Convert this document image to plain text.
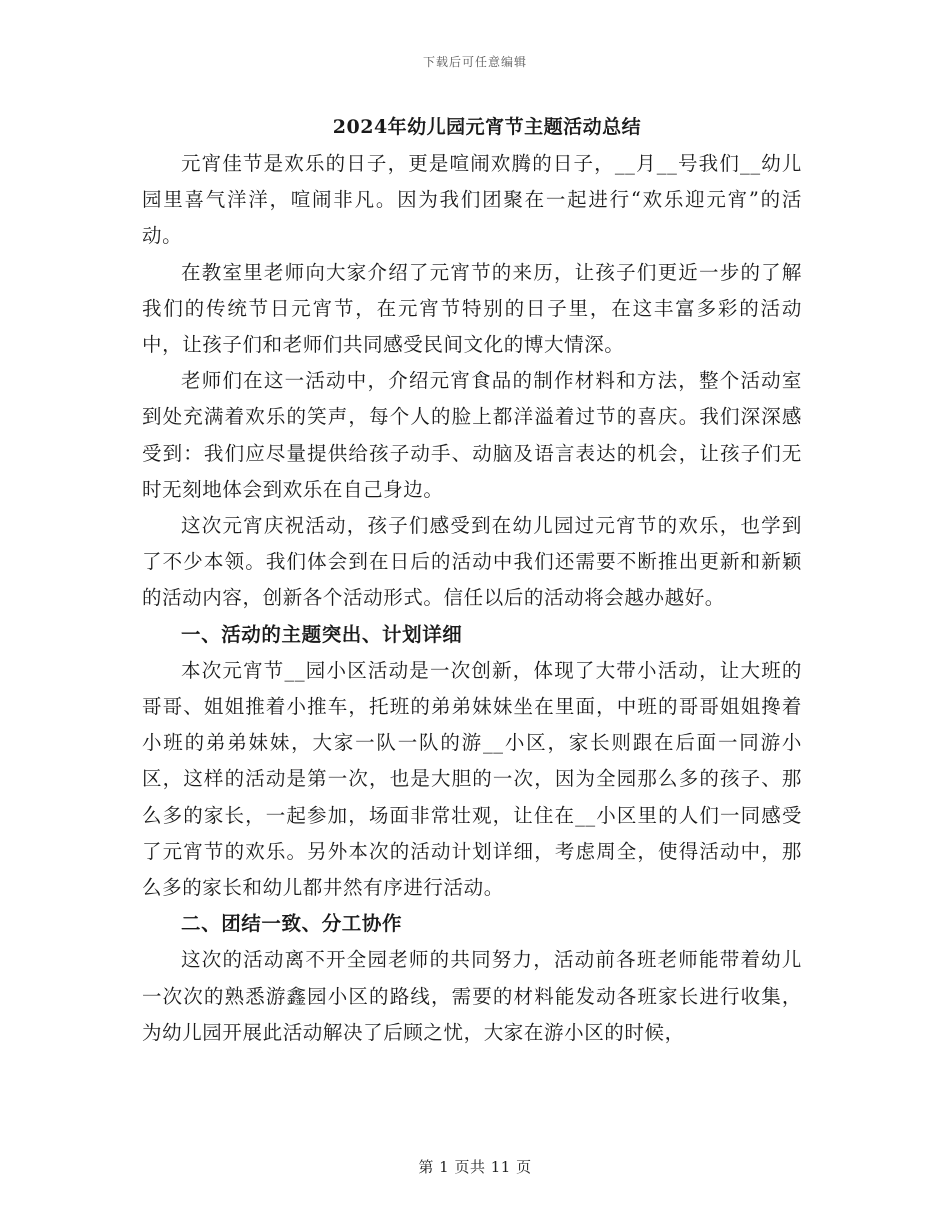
下载后可任意编辑
2024年幼儿园元宵节主题活动总结

元宵佳节是欢乐的日子，更是喧闹欢腾的日子，__月__号我们__幼儿园里喜气洋洋，喧闹非凡。因为我们团聚在一起进行“欢乐迎元宵”的活动。

在教室里老师向大家介绍了元宵节的来历，让孩子们更近一步的了解我们的传统节日元宵节，在元宵节特别的日子里，在这丰富多彩的活动中，让孩子们和老师们共同感受民间文化的博大情深。

老师们在这一活动中，介绍元宵食品的制作材料和方法，整个活动室到处充满着欢乐的笑声，每个人的脸上都洋溢着过节的喜庆。我们深深感受到：我们应尽量提供给孩子动手、动脑及语言表达的机会，让孩子们无时无刻地体会到欢乐在自己身边。

这次元宵庆祝活动，孩子们感受到在幼儿园过元宵节的欢乐，也学到了不少本领。我们体会到在日后的活动中我们还需要不断推出更新和新颖的活动内容，创新各个活动形式。信任以后的活动将会越办越好。

一、活动的主题突出、计划详细

本次元宵节__园小区活动是一次创新，体现了大带小活动，让大班的哥哥、姐姐推着小推车，托班的弟弟妹妹坐在里面，中班的哥哥姐姐搀着小班的弟弟妹妹，大家一队一队的游__小区，家长则跟在后面一同游小区，这样的活动是第一次，也是大胆的一次，因为全园那么多的孩子、那么多的家长，一起参加，场面非常壮观，让住在__小区里的人们一同感受了元宵节的欢乐。另外本次的活动计划详细，考虑周全，使得活动中，那么多的家长和幼儿都井然有序进行活动。

二、团结一致、分工协作

这次的活动离不开全园老师的共同努力，活动前各班老师能带着幼儿一次次的熟悉游鑫园小区的路线，需要的材料能发动各班家长进行收集，为幼儿园开展此活动解决了后顾之忧，大家在游小区的时候，

第 1 页共 11 页
